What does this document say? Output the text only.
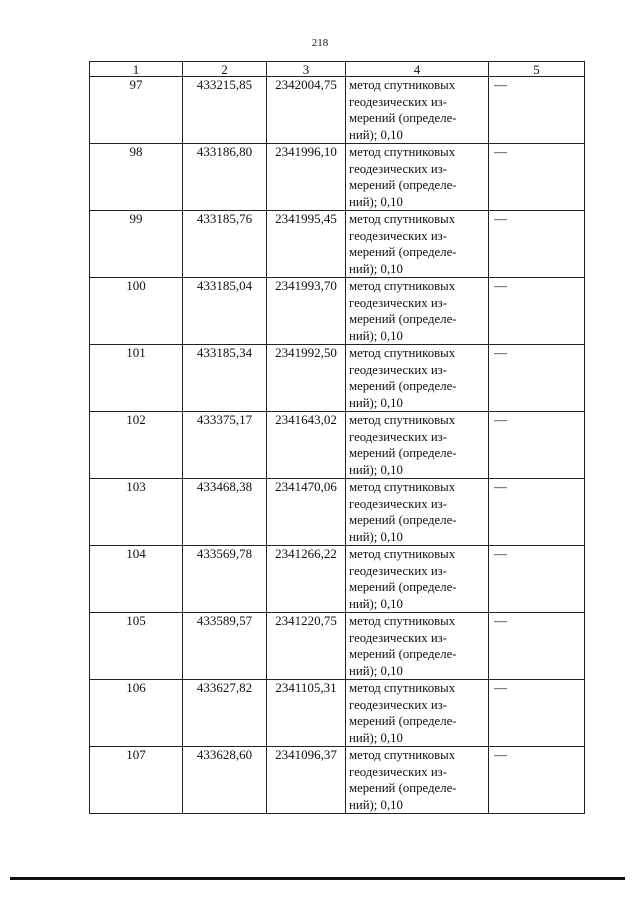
218
1	2	3	4	5
97	433215,85	2342004,75	метод спутниковых
геодезических из-
мерений (определе-
ний); 0,10	—
98	433186,80	2341996,10	метод спутниковых
геодезических из-
мерений (определе-
ний); 0,10	—
99	433185,76	2341995,45	метод спутниковых
геодезических из-
мерений (определе-
ний); 0,10	—
100	433185,04	2341993,70	метод спутниковых
геодезических из-
мерений (определе-
ний); 0,10	—
101	433185,34	2341992,50	метод спутниковых
геодезических из-
мерений (определе-
ний); 0,10	—
102	433375,17	2341643,02	метод спутниковых
геодезических из-
мерений (определе-
ний); 0,10	—
103	433468,38	2341470,06	метод спутниковых
геодезических из-
мерений (определе-
ний); 0,10	—
104	433569,78	2341266,22	метод спутниковых
геодезических из-
мерений (определе-
ний); 0,10	—
105	433589,57	2341220,75	метод спутниковых
геодезических из-
мерений (определе-
ний); 0,10	—
106	433627,82	2341105,31	метод спутниковых
геодезических из-
мерений (определе-
ний); 0,10	—
107	433628,60	2341096,37	метод спутниковых
геодезических из-
мерений (определе-
ний); 0,10	—
